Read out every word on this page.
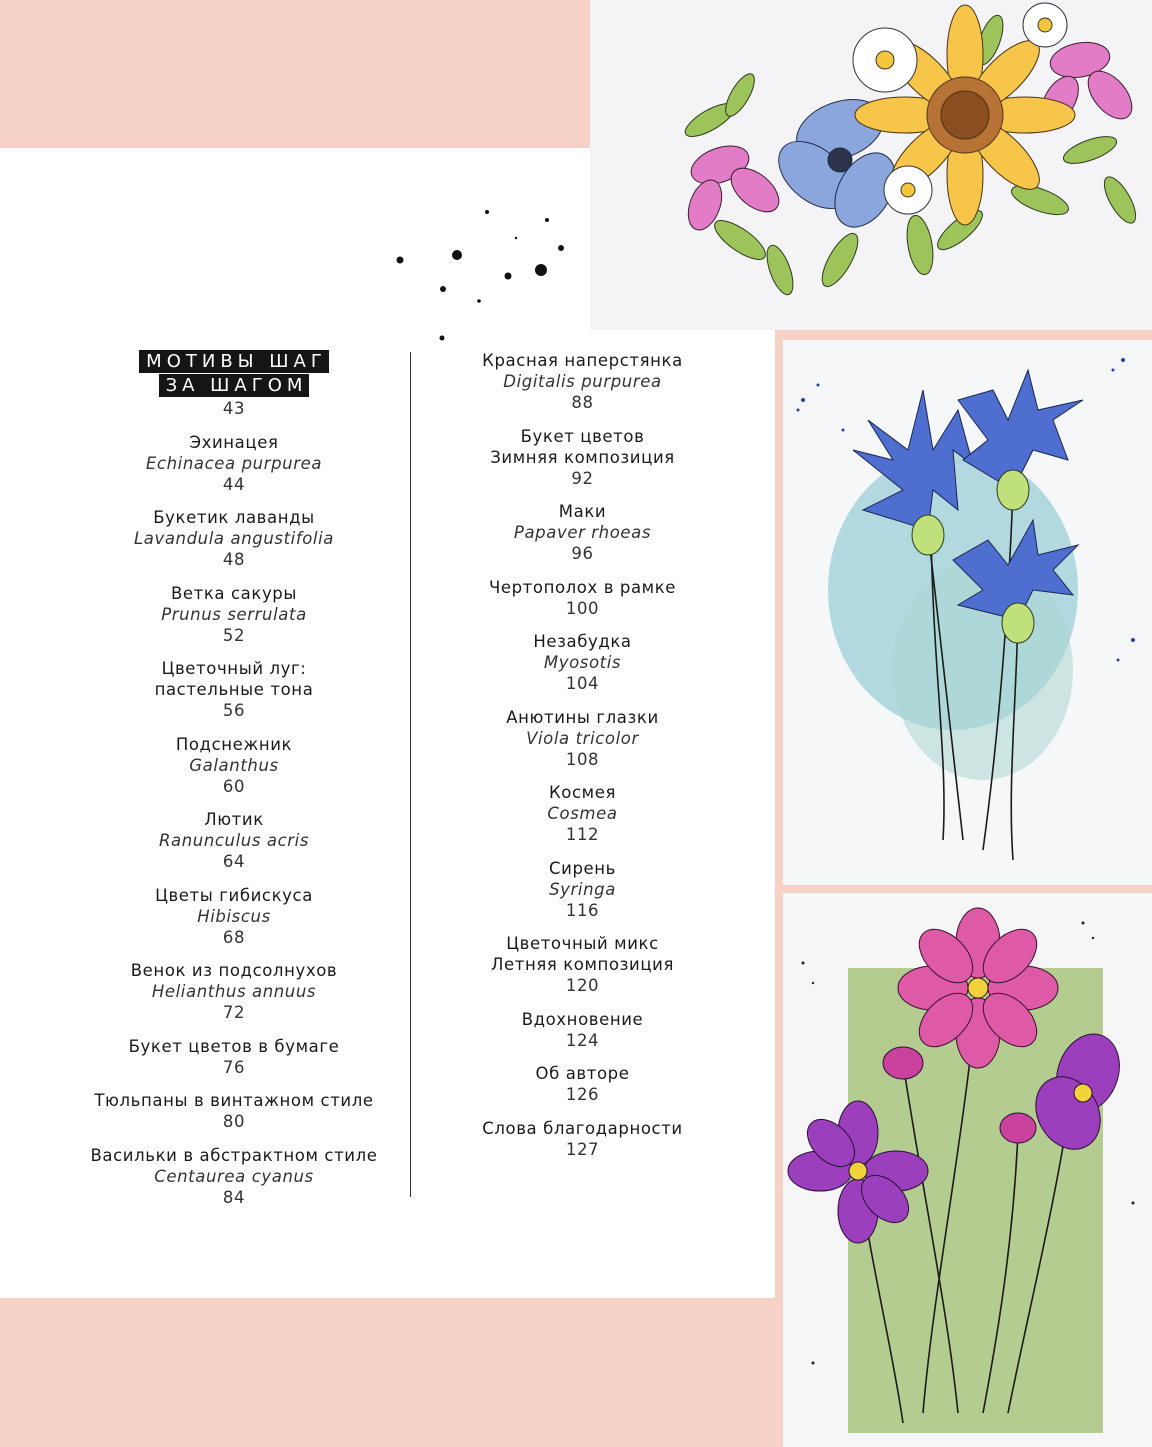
МОТИВЫ ШАГ
ЗА ШАГОМ
43
Эхинацея
Echinacea purpurea
44
Букетик лаванды
Lavandula angustifolia
48
Ветка сакуры
Prunus serrulata
52
Цветочный луг:
пастельные тона
56
Подснежник
Galanthus
60
Лютик
Ranunculus acris
64
Цветы гибискуса
Hibiscus
68
Венок из подсолнухов
Helianthus annuus
72
Букет цветов в бумаге
76
Тюльпаны в винтажном стиле
80
Васильки в абстрактном стиле
Centaurea cyanus
84
Красная наперстянка
Digitalis purpurea
88
Букет цветов
Зимняя композиция
92
Маки
Papaver rhoeas
96
Чертополох в рамке
100
Незабудка
Myosotis
104
Анютины глазки
Viola tricolor
108
Космея
Cosmea
112
Сирень
Syringa
116
Цветочный микс
Летняя композиция
120
Вдохновение
124
Об авторе
126
Слова благодарности
127
